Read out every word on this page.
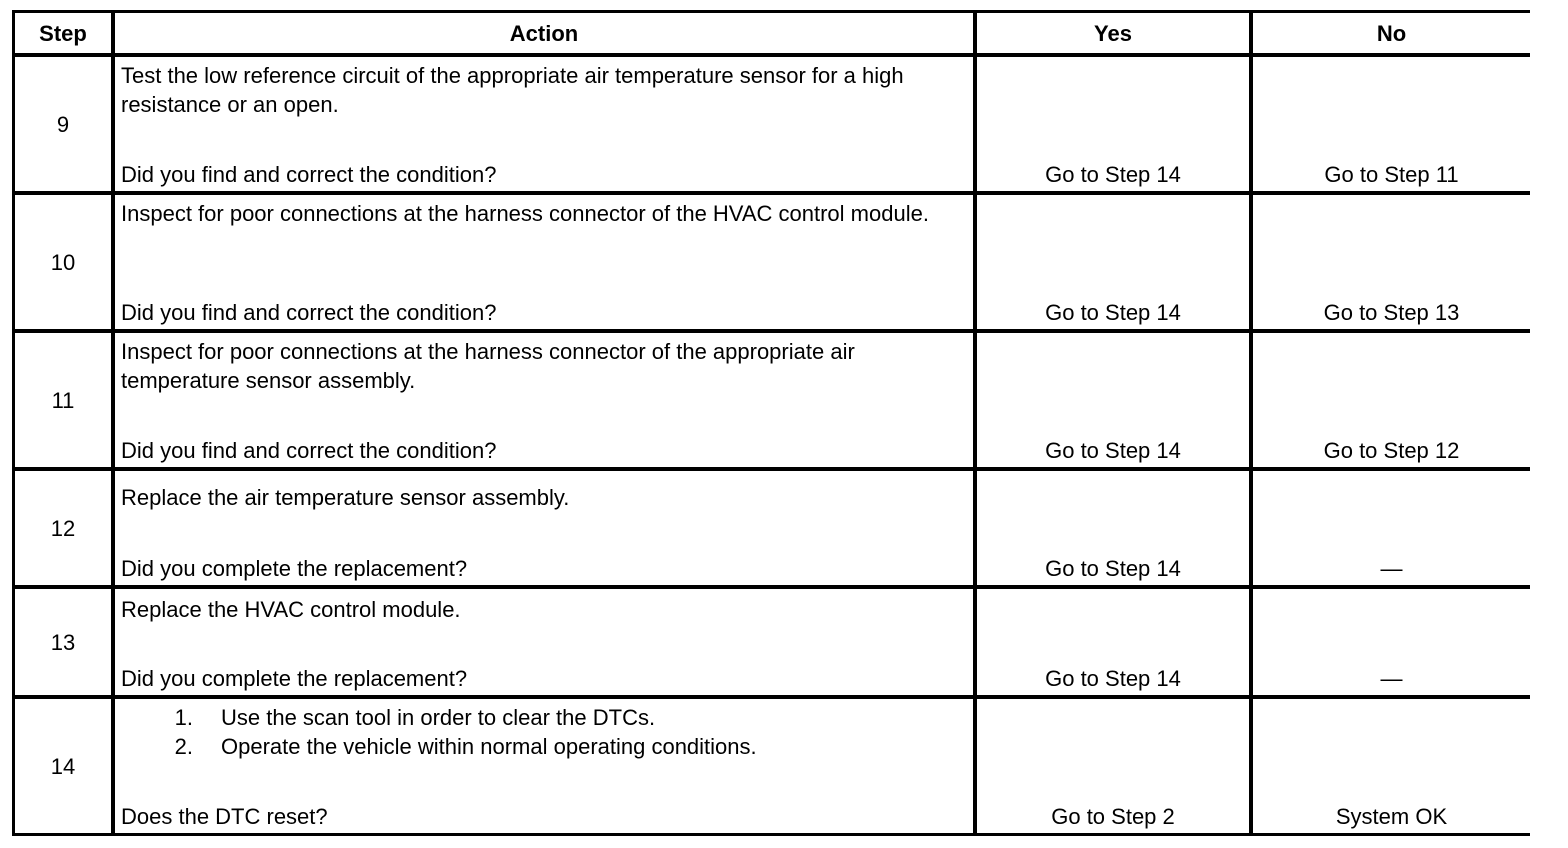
Step	Action	Yes	No
9
Test the low reference circuit of the appropriate air temperature sensor for a high resistance or an open.
Did you find and correct the condition?	Go to Step 14	Go to Step 11
10
Inspect for poor connections at the harness connector of the HVAC control module.
Did you find and correct the condition?	Go to Step 14	Go to Step 13
11
Inspect for poor connections at the harness connector of the appropriate air temperature sensor assembly.
Did you find and correct the condition?	Go to Step 14	Go to Step 12
12
Replace the air temperature sensor assembly.
Did you complete the replacement?	Go to Step 14	—
13
Replace the HVAC control module.
Did you complete the replacement?	Go to Step 14	—
14
1.	Use the scan tool in order to clear the DTCs.
2.	Operate the vehicle within normal operating conditions.
Does the DTC reset?	Go to Step 2	System OK
